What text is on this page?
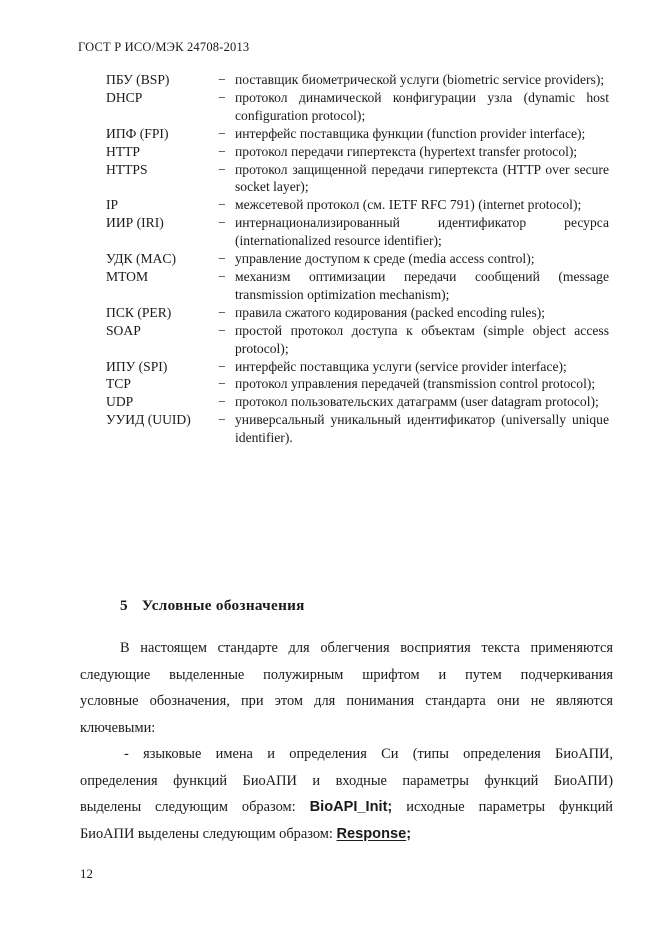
ГОСТ Р ИСО/МЭК 24708-2013
ПБУ (BSP)	− поставщик биометрической услуги (biometric service providers);
DHCP	− протокол динамической конфигурации узла (dynamic host configuration protocol);
ИПФ (FPI)	− интерфейс поставщика функции (function provider interface);
HTTP	− протокол передачи гипертекста (hypertext transfer protocol);
HTTPS	− протокол защищенной передачи гипертекста (HTTP over secure socket layer);
IP	− межсетевой протокол (см. IETF RFC 791) (internet protocol);
ИИР (IRI)	− интернационализированный идентификатор ресурса (internationalized resource identifier);
УДК (MAC)	− управление доступом к среде (media access control);
MTOM	− механизм оптимизации передачи сообщений (message transmission optimization mechanism);
ПСК (PER)	− правила сжатого кодирования (packed encoding rules);
SOAP	− простой протокол доступа к объектам (simple object access protocol);
ИПУ (SPI)	− интерфейс поставщика услуги (service provider interface);
TCP	− протокол управления передачей (transmission control protocol);
UDP	− протокол пользовательских датаграмм (user datagram protocol);
УУИД (UUID)	− универсальный уникальный идентификатор (universally unique identifier).
5 Условные обозначения
В настоящем стандарте для облегчения восприятия текста применяются
следующие выделенные полужирным шрифтом и путем подчеркивания
условные обозначения, при этом для понимания стандарта они не являются
ключевыми:
- языковые имена и определения Си (типы определения БиоАПИ,
определения функций БиоАПИ и входные параметры функций БиоАПИ)
выделены следующим образом: BioAPI_Init; исходные параметры функций
БиоАПИ выделены следующим образом: Response;
12
